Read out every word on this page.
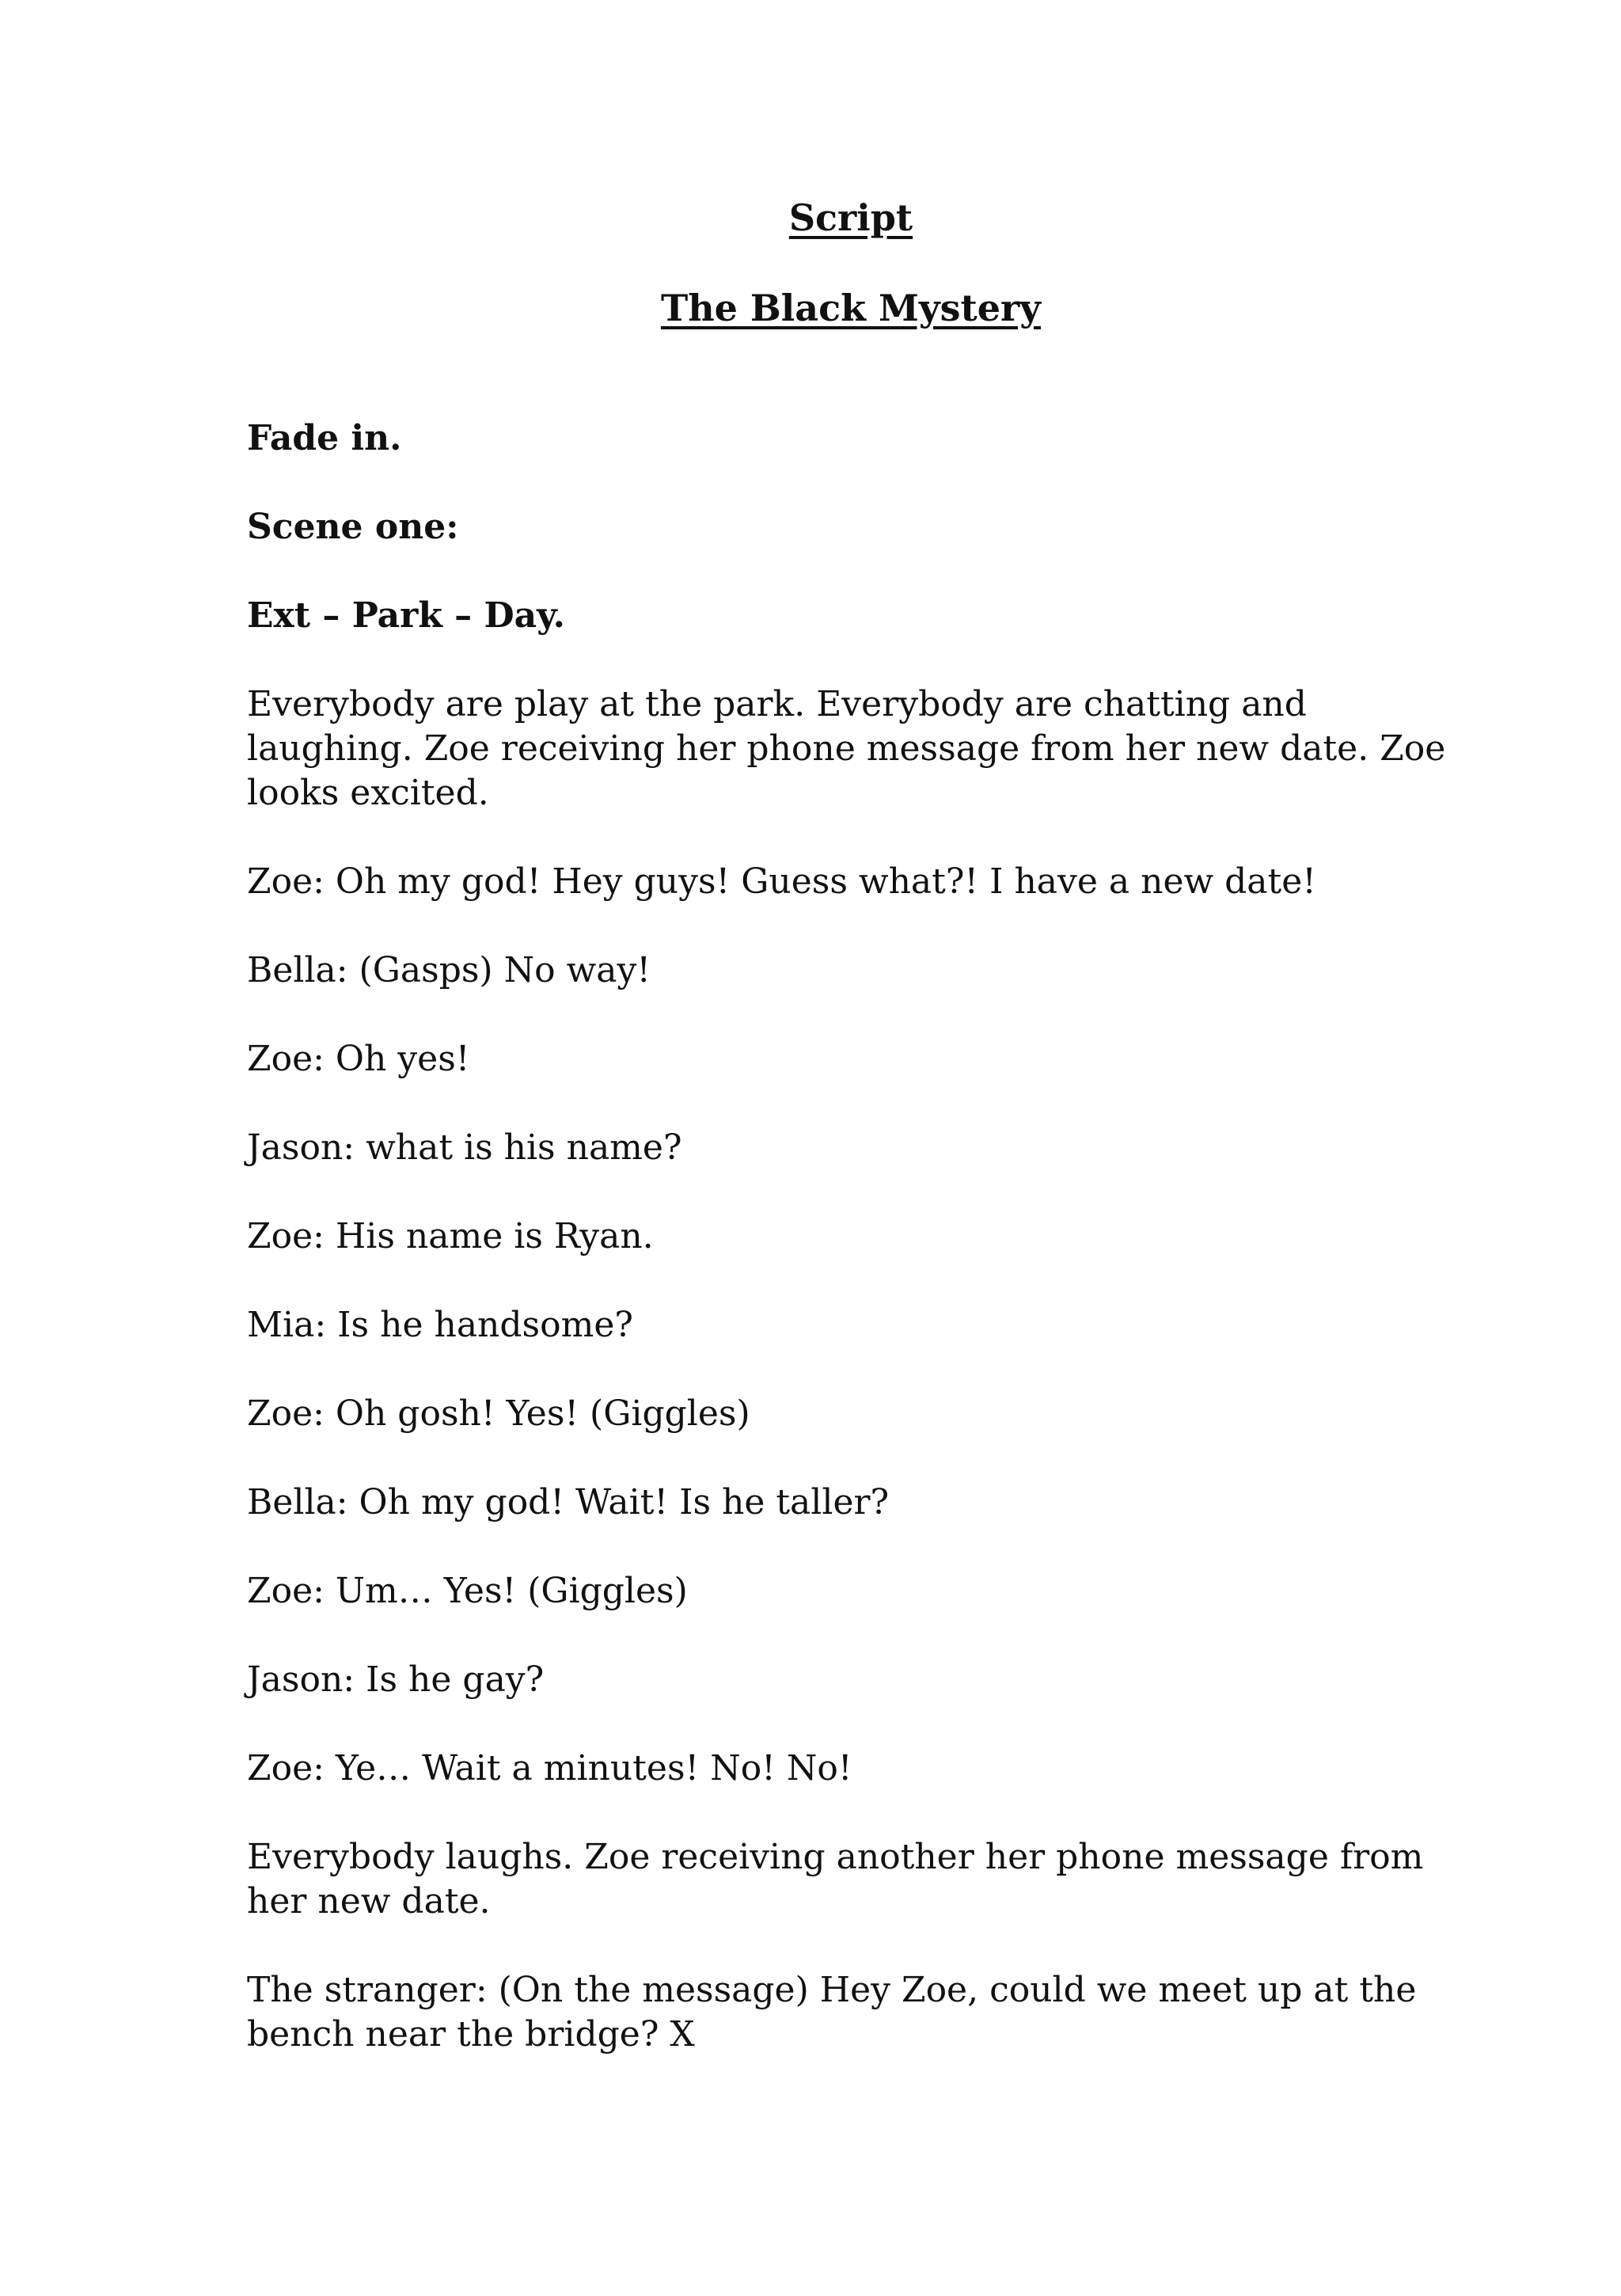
Script
The Black Mystery

Fade in.

Scene one:

Ext – Park – Day.

Everybody are play at the park. Everybody are chatting and laughing. Zoe receiving her phone message from her new date. Zoe looks excited.

Zoe: Oh my god! Hey guys! Guess what?! I have a new date!

Bella: (Gasps) No way!

Zoe: Oh yes!

Jason: what is his name?

Zoe: His name is Ryan.

Mia: Is he handsome?

Zoe: Oh gosh! Yes! (Giggles)

Bella: Oh my god! Wait! Is he taller?

Zoe: Um… Yes! (Giggles)

Jason: Is he gay?

Zoe: Ye… Wait a minutes! No! No!

Everybody laughs. Zoe receiving another her phone message from her new date.

The stranger: (On the message) Hey Zoe, could we meet up at the bench near the bridge? X
